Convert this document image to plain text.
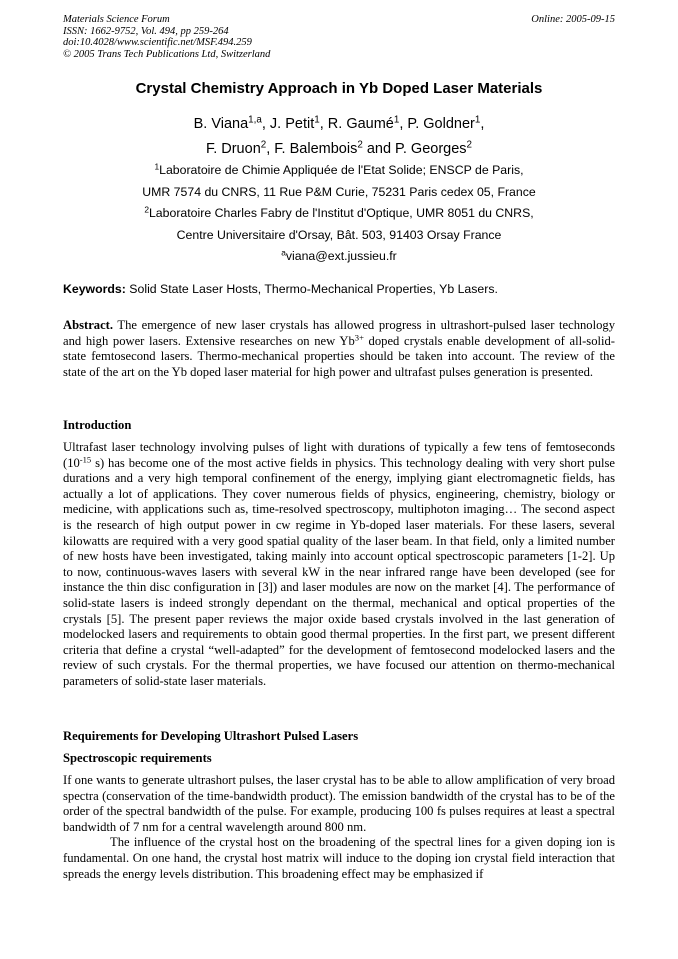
Materials Science Forum
ISSN: 1662-9752, Vol. 494, pp 259-264
doi:10.4028/www.scientific.net/MSF.494.259
© 2005 Trans Tech Publications Ltd, Switzerland
Online: 2005-09-15
Crystal Chemistry Approach in Yb Doped Laser Materials
B. Viana$^{1,a}$, J. Petit$^1$, R. Gaumé$^1$, P. Goldner$^1$,
F. Druon$^2$, F. Balembois$^2$ and P. Georges$^2$
$^1$Laboratoire de Chimie Appliquée de l'Etat Solide; ENSCP de Paris,
UMR 7574 du CNRS, 11 Rue P&M Curie, 75231 Paris cedex 05, France
$^2$Laboratoire Charles Fabry de l'Institut d'Optique, UMR 8051 du CNRS,
Centre Universitaire d'Orsay, Bât. 503, 91403 Orsay France
$^a$viana@ext.jussieu.fr
Keywords: Solid State Laser Hosts, Thermo-Mechanical Properties, Yb Lasers.

Abstract. The emergence of new laser crystals has allowed progress in ultrashort-pulsed laser technology and high power lasers. Extensive researches on new $Yb^{3+}$ doped crystals enable development of all-solid-state femtosecond lasers. Thermo-mechanical properties should be taken into account. The review of the state of the art on the Yb doped laser material for high power and ultrafast pulses generation is presented.

Introduction

Ultrafast laser technology involving pulses of light with durations of typically a few tens of femtoseconds ($10^{-15}$ s) has become one of the most active fields in physics. This technology dealing with very short pulse durations and a very high temporal confinement of the energy, implying giant electromagnetic fields, has actually a lot of applications. They cover numerous fields of physics, engineering, chemistry, biology or medicine, with applications such as, time-resolved spectroscopy, multiphoton imaging… The second aspect is the research of high output power in cw regime in Yb-doped laser materials. For these lasers, several kilowatts are required with a very good spatial quality of the laser beam. In that field, only a limited number of new hosts have been investigated, taking mainly into account optical spectroscopic parameters [1-2]. Up to now, continuous-waves lasers with several kW in the near infrared range have been developed (see for instance the thin disc configuration in [3]) and laser modules are now on the market [4]. The performance of solid-state lasers is indeed strongly dependant on the thermal, mechanical and optical properties of the crystals [5]. The present paper reviews the major oxide based crystals involved in the last generation of modelocked lasers and requirements to obtain good thermal properties. In the first part, we present different criteria that define a crystal “well-adapted” for the development of femtosecond modelocked lasers and the review of such crystals. For the thermal properties, we have focused our attention on thermo-mechanical parameters of solid-state laser materials.

Requirements for Developing Ultrashort Pulsed Lasers
Spectroscopic requirements

If one wants to generate ultrashort pulses, the laser crystal has to be able to allow amplification of very broad spectra (conservation of the time-bandwidth product). The emission bandwidth of the crystal has to be of the order of the spectral bandwidth of the pulse. For example, producing 100 fs pulses requires at least a spectral bandwidth of 7 nm for a central wavelength around 800 nm.

The influence of the crystal host on the broadening of the spectral lines for a given doping ion is fundamental. On one hand, the crystal host matrix will induce to the doping ion crystal field interaction that spreads the energy levels distribution. This broadening effect may be emphasized if
